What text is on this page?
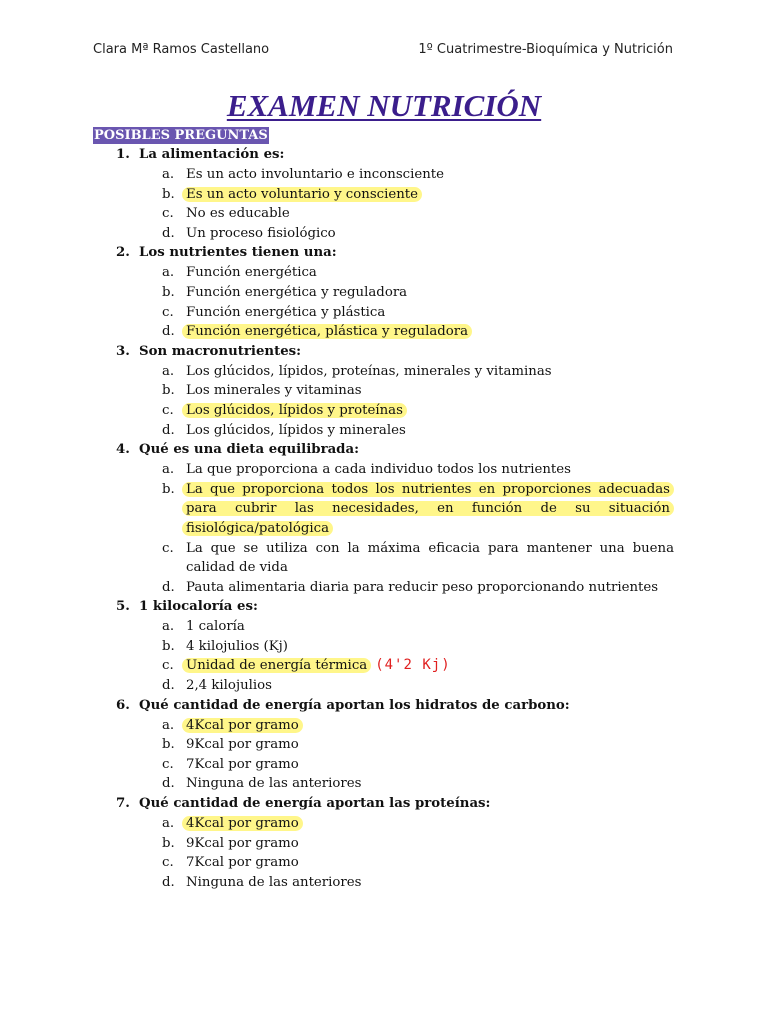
Clara Mª Ramos Castellano	1º Cuatrimestre-Bioquímica y Nutrición
EXAMEN NUTRICIÓN
POSIBLES PREGUNTAS
1. La alimentación es:
a. Es un acto involuntario e inconsciente
b. Es un acto voluntario y consciente
c. No es educable
d. Un proceso fisiológico
2. Los nutrientes tienen una:
a. Función energética
b. Función energética y reguladora
c. Función energética y plástica
d. Función energética, plástica y reguladora
3. Son macronutrientes:
a. Los glúcidos, lípidos, proteínas, minerales y vitaminas
b. Los minerales y vitaminas
c. Los glúcidos, lípidos y proteínas
d. Los glúcidos, lípidos y minerales
4. Qué es una dieta equilibrada:
a. La que proporciona a cada individuo todos los nutrientes
b. La que proporciona todos los nutrientes en proporciones adecuadas para cubrir las necesidades, en función de su situación fisiológica/patológica
c. La que se utiliza con la máxima eficacia para mantener una buena calidad de vida
d. Pauta alimentaria diaria para reducir peso proporcionando nutrientes
5. 1 kilocaloría es:
a. 1 caloría
b. 4 kilojulios (Kj)
c. Unidad de energía térmica (4'2 Kj)
d. 2,4 kilojulios
6. Qué cantidad de energía aportan los hidratos de carbono:
a. 4Kcal por gramo
b. 9Kcal por gramo
c. 7Kcal por gramo
d. Ninguna de las anteriores
7. Qué cantidad de energía aportan las proteínas:
a. 4Kcal por gramo
b. 9Kcal por gramo
c. 7Kcal por gramo
d. Ninguna de las anteriores
